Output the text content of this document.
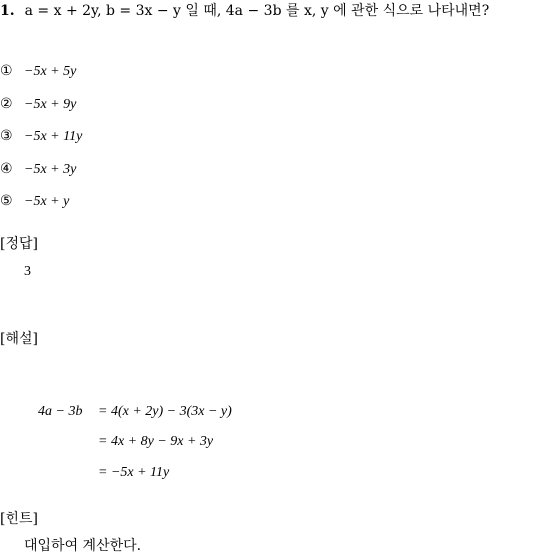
1. a = x + 2y, b = 3x − y 일 때, 4a − 3b 를 x, y 에 관한 식으로 나타내면?
① −5x + 5y
② −5x + 9y
③ −5x + 11y
④ −5x + 3y
⑤ −5x + y
[정답]
3
[해설]
4a − 3b = 4(x + 2y) − 3(3x − y)
= 4x + 8y − 9x + 3y
= −5x + 11y
[힌트]
대입하여 계산한다.
